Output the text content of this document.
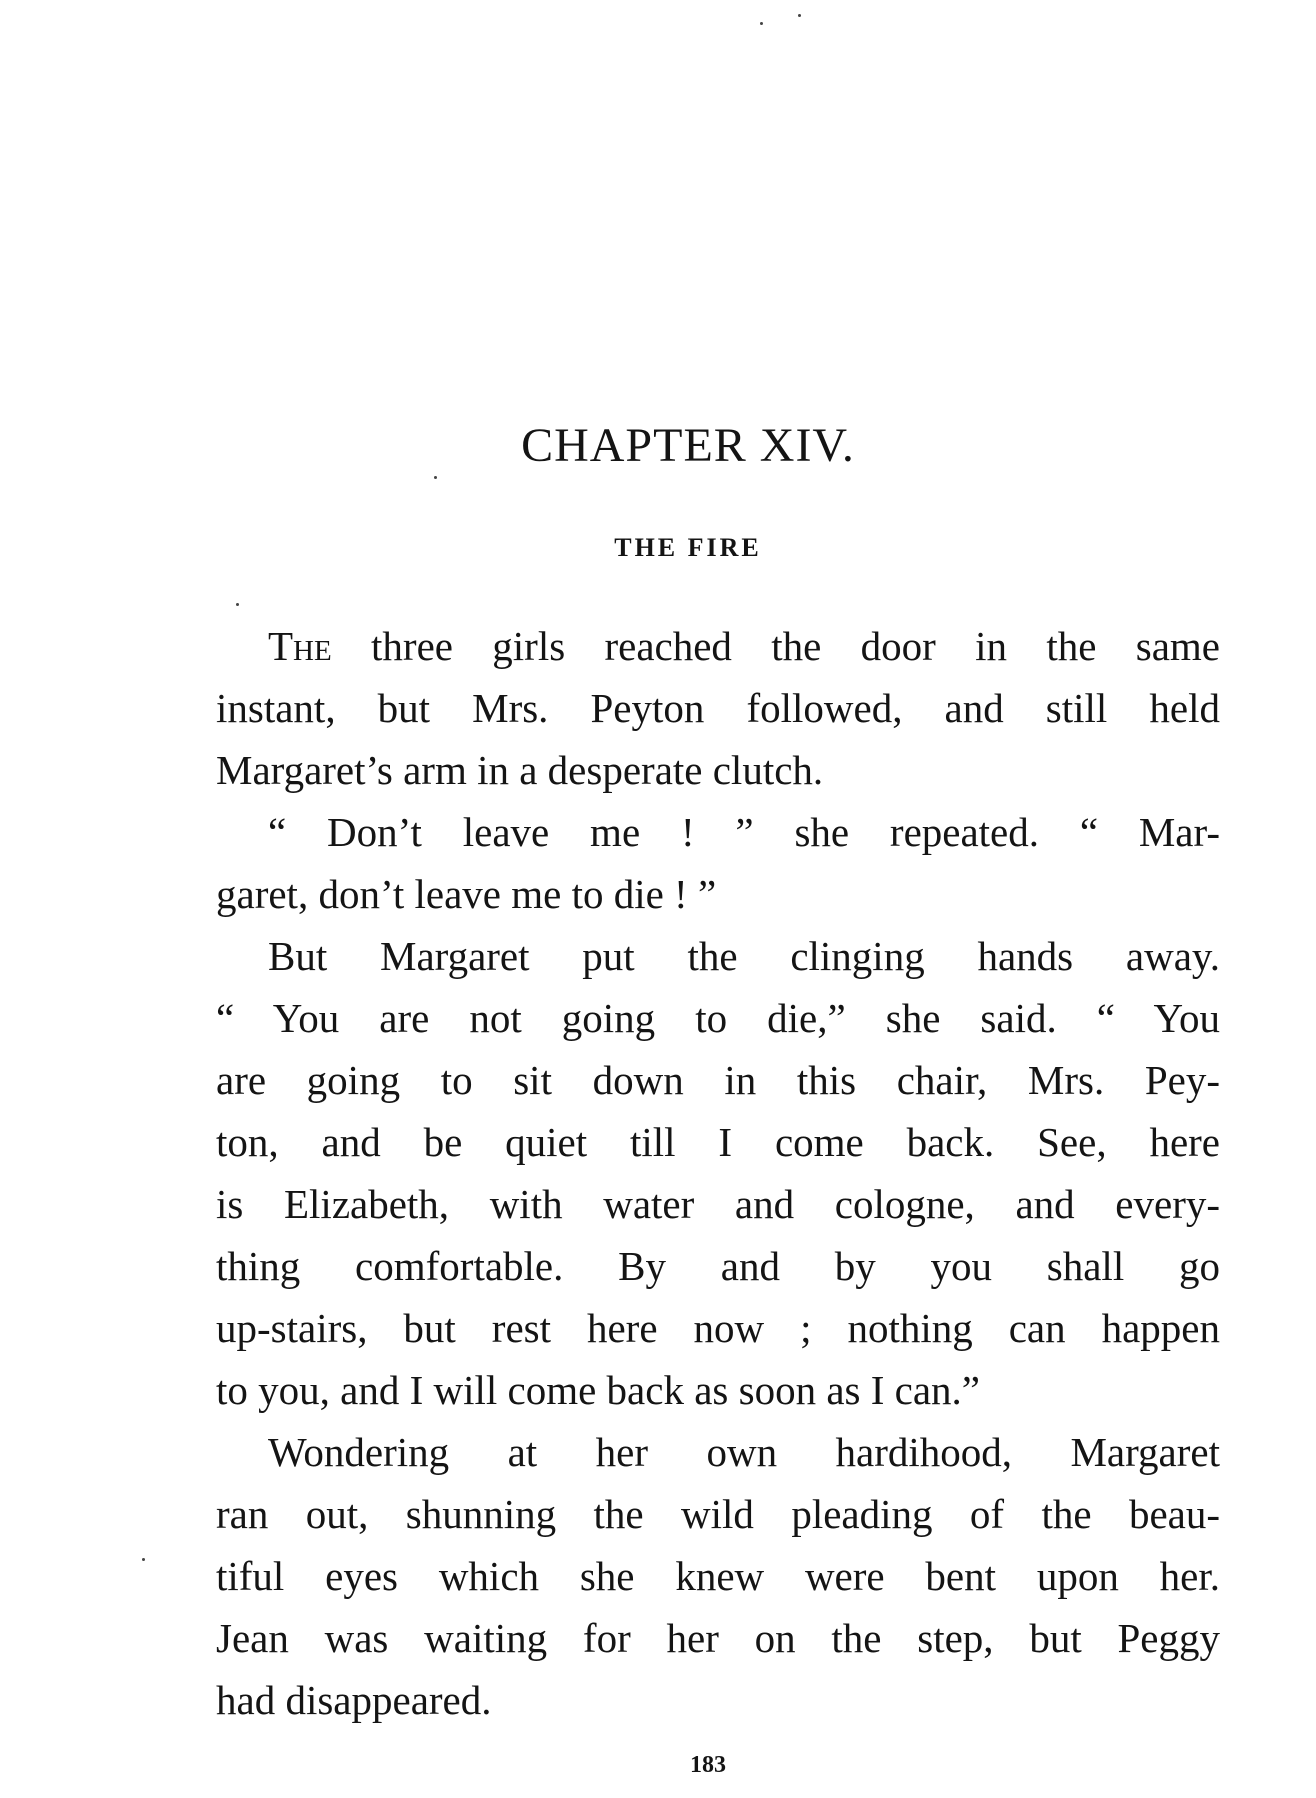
CHAPTER XIV.
THE FIRE

The three girls reached the door in the same
instant, but Mrs. Peyton followed, and still held
Margaret’s arm in a desperate clutch.

“ Don’t leave me ! ” she repeated. “ Mar-
garet, don’t leave me to die ! ”

But Margaret put the clinging hands away.
“ You are not going to die,” she said. “ You
are going to sit down in this chair, Mrs. Pey-
ton, and be quiet till I come back. See, here
is Elizabeth, with water and cologne, and every-
thing comfortable. By and by you shall go
up-stairs, but rest here now ; nothing can happen
to you, and I will come back as soon as I can.”

Wondering at her own hardihood, Margaret
ran out, shunning the wild pleading of the beau-
tiful eyes which she knew were bent upon her.
Jean was waiting for her on the step, but Peggy
had disappeared.

183
